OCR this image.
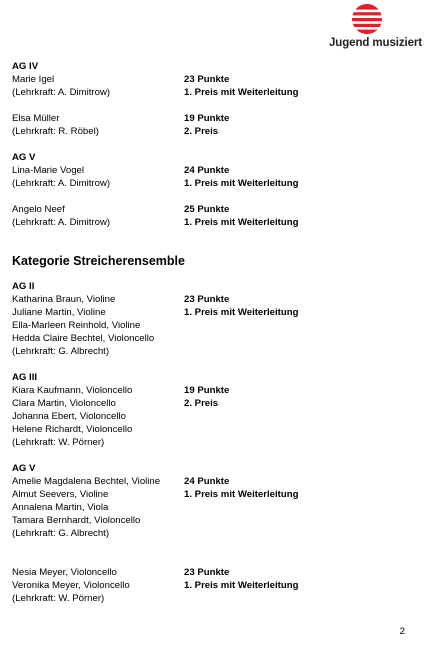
Jugend musiziert
AG IV
Marie Igel	23 Punkte
(Lehrkraft: A. Dimitrow)	1. Preis mit Weiterleitung
Elsa Müller	19 Punkte
(Lehrkraft: R. Röbel)	2. Preis
AG V
Lina-Marie Vogel	24 Punkte
(Lehrkraft: A. Dimitrow)	1. Preis mit Weiterleitung
Angelo Neef	25 Punkte
(Lehrkraft: A. Dimitrow)	1. Preis mit Weiterleitung
Kategorie Streicherensemble
AG II
Katharina Braun, Violine	23 Punkte
Juliane Martin, Violine	1. Preis mit Weiterleitung
Ella-Marleen Reinhold, Violine
Hedda Claire Bechtel, Violoncello
(Lehrkraft: G. Albrecht)
AG III
Kiara Kaufmann, Violoncello	19 Punkte
Clara Martin, Violoncello	2. Preis
Johanna Ebert, Violoncello
Helene Richardt, Violoncello
(Lehrkraft: W. Pörner)
AG V
Amelie Magdalena Bechtel, Violine 24 Punkte
Almut Seevers, Violine	1. Preis mit Weiterleitung
Annalena Martin, Viola
Tamara Bernhardt, Violoncello
(Lehrkraft: G. Albrecht)
Nesia Meyer, Violoncello	23 Punkte
Veronika Meyer, Violoncello	1. Preis mit Weiterleitung
(Lehrkraft: W. Pörner)
2
